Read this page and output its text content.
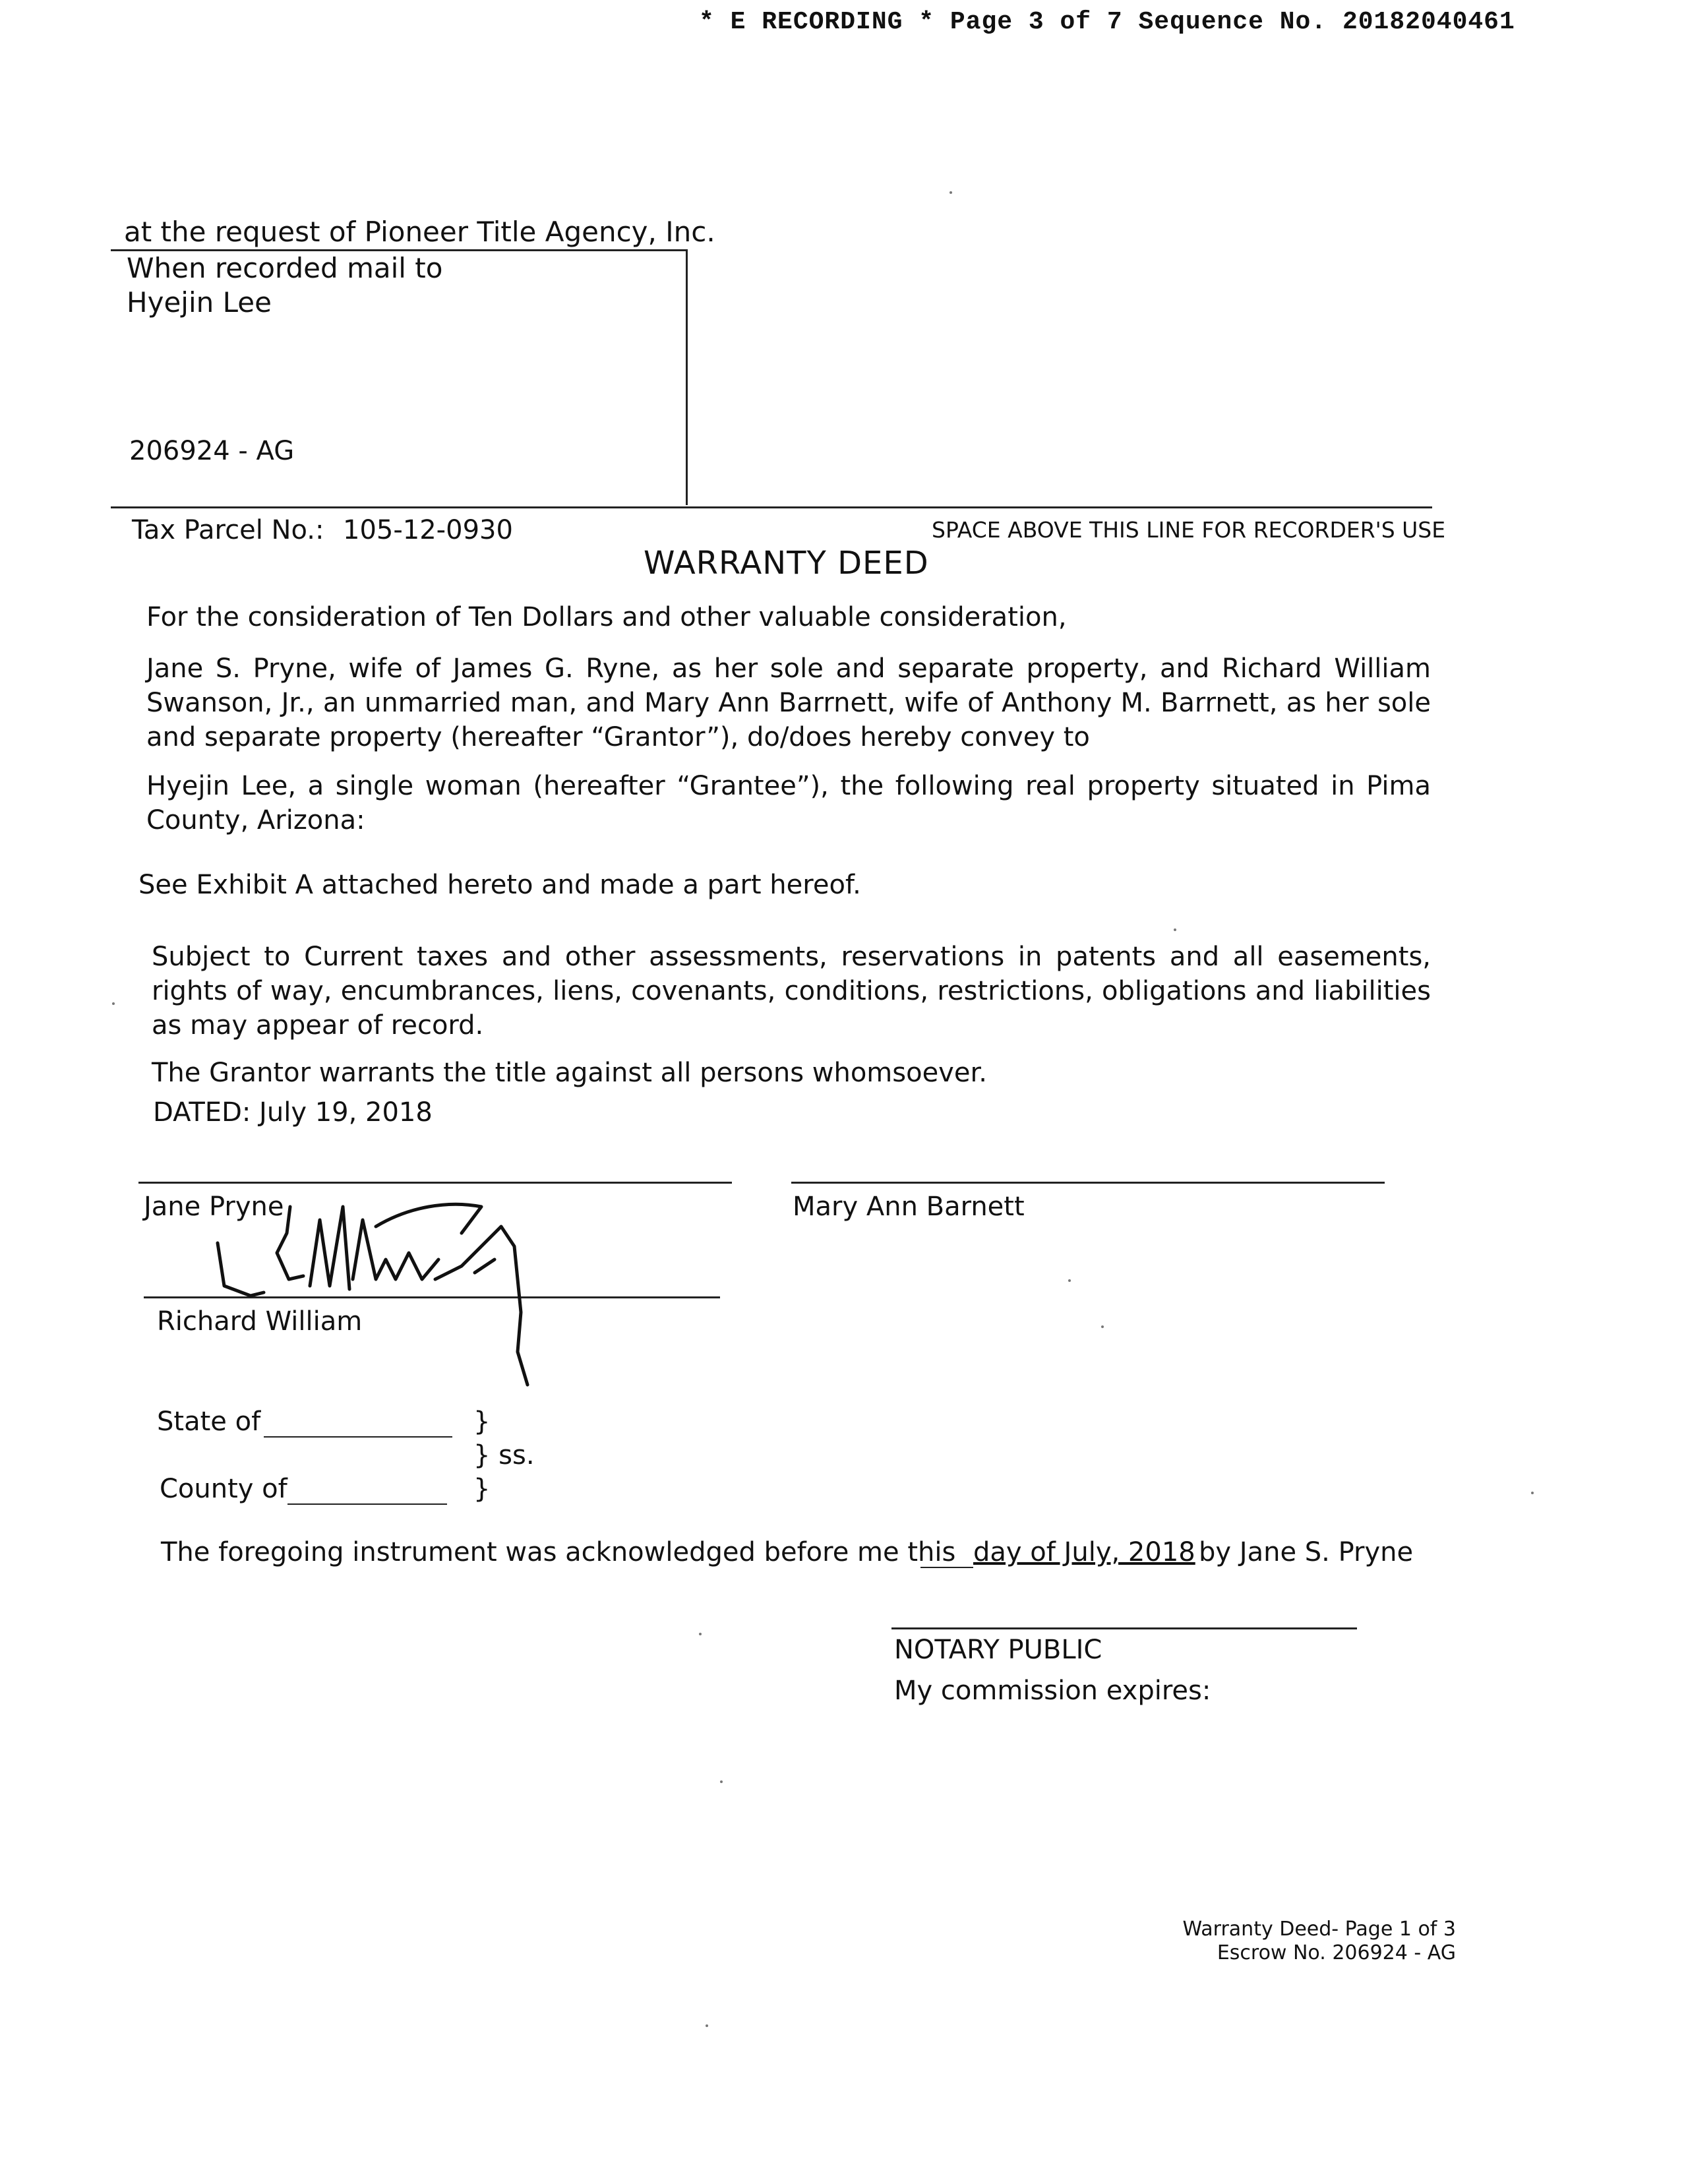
* E RECORDING * Page 3 of 7 Sequence No. 20182040461
at the request of Pioneer Title Agency, Inc.
When recorded mail to
Hyejin Lee
206924 - AG
Tax Parcel No.: 105-12-0930	SPACE ABOVE THIS LINE FOR RECORDER'S USE
WARRANTY DEED
For the consideration of Ten Dollars and other valuable consideration,
Jane S. Pryne, wife of James G. Ryne, as her sole and separate property, and Richard William Swanson, Jr., an unmarried man, and Mary Ann Barrnett, wife of Anthony M. Barrnett, as her sole and separate property (hereafter “Grantor”), do/does hereby convey to
Hyejin Lee, a single woman (hereafter “Grantee”), the following real property situated in Pima County, Arizona:
See Exhibit A attached hereto and made a part hereof.
Subject to Current taxes and other assessments, reservations in patents and all easements, rights of way, encumbrances, liens, covenants, conditions, restrictions, obligations and liabilities as may appear of record.
The Grantor warrants the title against all persons whomsoever.
DATED: July 19, 2018
Jane Pryne	Mary Ann Barnett
Richard William
State of	}
} ss.
County of	}
The foregoing instrument was acknowledged before me this day of July, 2018 by Jane S. Pryne
NOTARY PUBLIC
My commission expires:
Warranty Deed- Page 1 of 3
Escrow No. 206924 - AG
